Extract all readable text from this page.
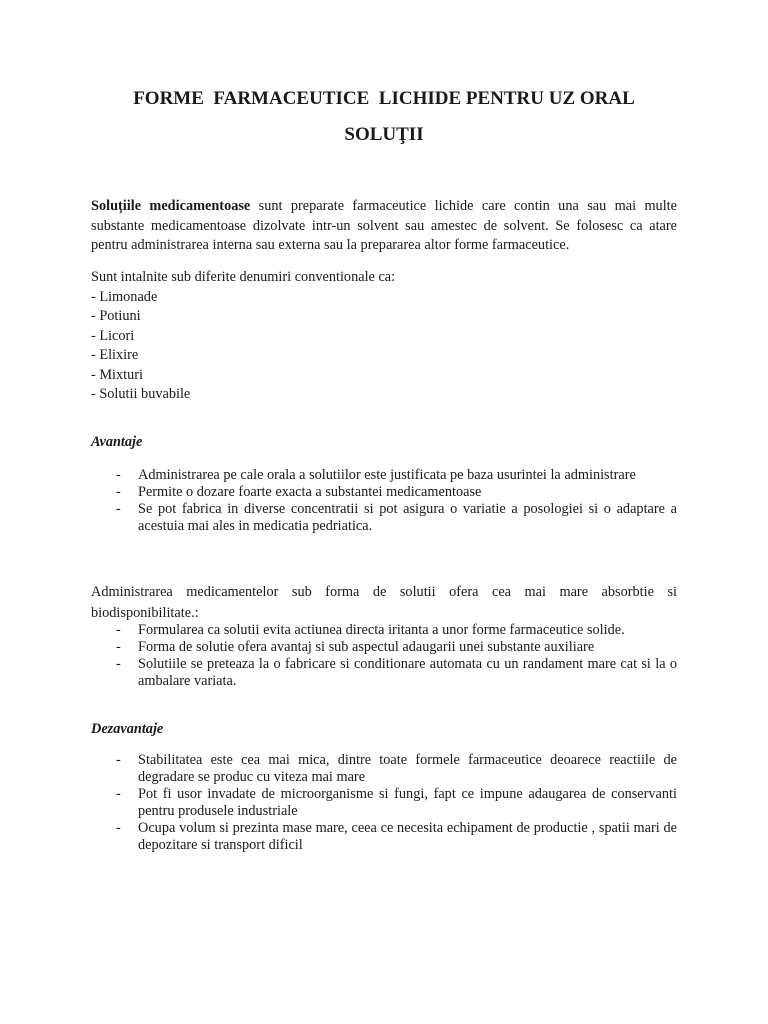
FORME  FARMACEUTICE  LICHIDE PENTRU UZ ORAL
SOLUŢII

Soluțiile medicamentoase sunt preparate farmaceutice lichide care contin una sau mai multe substante medicamentoase dizolvate intr-un solvent sau amestec de solvent. Se folosesc ca atare pentru administrarea interna sau externa sau la prepararea altor forme farmaceutice.

Sunt intalnite sub diferite denumiri conventionale ca:
- Limonade
- Potiuni
- Licori
- Elixire
- Mixturi
- Solutii buvabile
Avantaje
- Administrarea pe cale orala a solutiilor este justificata pe baza usurintei la administrare
- Permite o dozare foarte exacta a substantei medicamentoase
- Se pot fabrica in diverse concentratii si pot asigura o variatie a posologiei si o adaptare a acestuia mai ales in medicatia pedriatica.

Administrarea medicamentelor sub forma de solutii ofera cea mai mare absorbtie si biodisponibilitate.:

- Formularea ca solutii evita actiunea directa iritanta a unor forme farmaceutice solide.
- Forma de solutie ofera avantaj si sub aspectul adaugarii unei substante auxiliare
- Solutiile se preteaza la o fabricare si conditionare automata cu un randament mare cat si la o ambalare variata.
Dezavantaje
- Stabilitatea este cea mai mica, dintre toate formele farmaceutice deoarece reactiile de degradare se produc cu viteza mai mare
- Pot fi usor invadate de microorganisme si fungi, fapt ce impune adaugarea de conservanti pentru produsele industriale
- Ocupa volum si prezinta mase mare, ceea ce necesita echipament de productie , spatii mari de depozitare si transport dificil
